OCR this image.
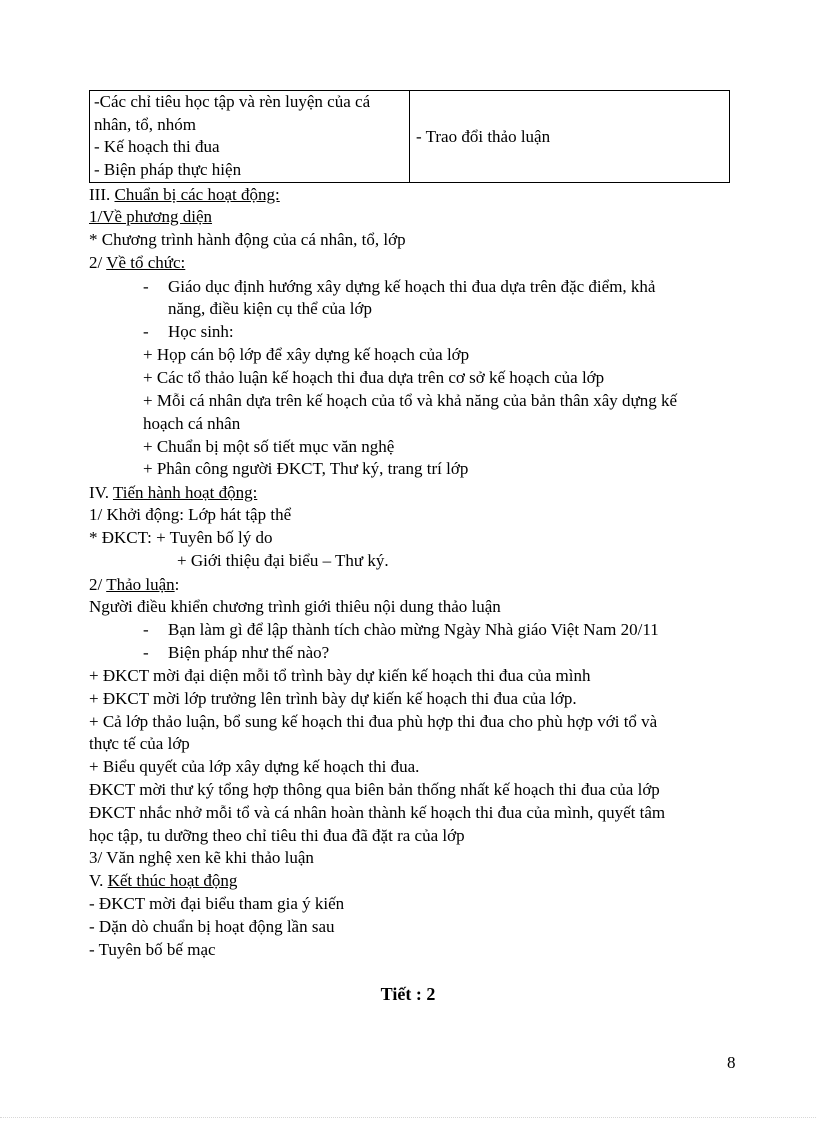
-Các chỉ tiêu học tập và rèn luyện của cá
nhân, tổ, nhóm
- Kế hoạch thi đua
- Biện pháp thực hiện
- Trao đổi thảo luận
III. Chuẩn bị các hoạt động:
1/Về phương diện
* Chương trình hành động của cá nhân, tổ, lớp
2/ Về tổ chức:
- Giáo dục định hướng xây dựng kế hoạch thi đua dựa trên đặc điểm, khả
năng, điều kiện cụ thể của lớp
- Học sinh:
+ Họp cán bộ lớp để xây dựng kế hoạch của lớp
+ Các tổ thảo luận kế hoạch thi đua dựa trên cơ sở kế hoạch của lớp
+ Mỗi cá nhân dựa trên kế hoạch của tổ và khả năng của bản thân xây dựng kế
hoạch cá nhân
+ Chuẩn bị một số tiết mục văn nghệ
+ Phân công người ĐKCT, Thư ký, trang trí lớp
IV. Tiến hành hoạt động:
1/ Khởi động: Lớp hát tập thể
* ĐKCT: + Tuyên bố lý do
+ Giới thiệu đại biểu – Thư ký.
2/ Thảo luận:
Người điều khiển chương trình giới thiêu nội dung thảo luận
- Bạn làm gì để lập thành tích chào mừng Ngày Nhà giáo Việt Nam 20/11
- Biện pháp như thế nào?
+ ĐKCT mời đại diện mỗi tổ trình bày dự kiến kế hoạch thi đua của mình
+ ĐKCT mời lớp trưởng lên trình bày dự kiến kế hoạch thi đua của lớp.
+ Cả lớp thảo luận, bổ sung kế hoạch thi đua phù hợp thi đua cho phù hợp với tổ và
thực tế của lớp
+ Biểu quyết của lớp xây dựng kế hoạch thi đua.
ĐKCT mời thư ký tổng hợp thông qua biên bản thống nhất kế hoạch thi đua của lớp
ĐKCT nhắc nhở mỗi tổ và cá nhân hoàn thành kế hoạch thi đua của mình, quyết tâm
học tập, tu dưỡng theo chỉ tiêu thi đua đã đặt ra của lớp
3/ Văn nghệ xen kẽ khi thảo luận
V. Kết thúc hoạt động
- ĐKCT mời đại biểu tham gia ý kiến
- Dặn dò chuẩn bị hoạt động lần sau
- Tuyên bố bế mạc
Tiết : 2
8
